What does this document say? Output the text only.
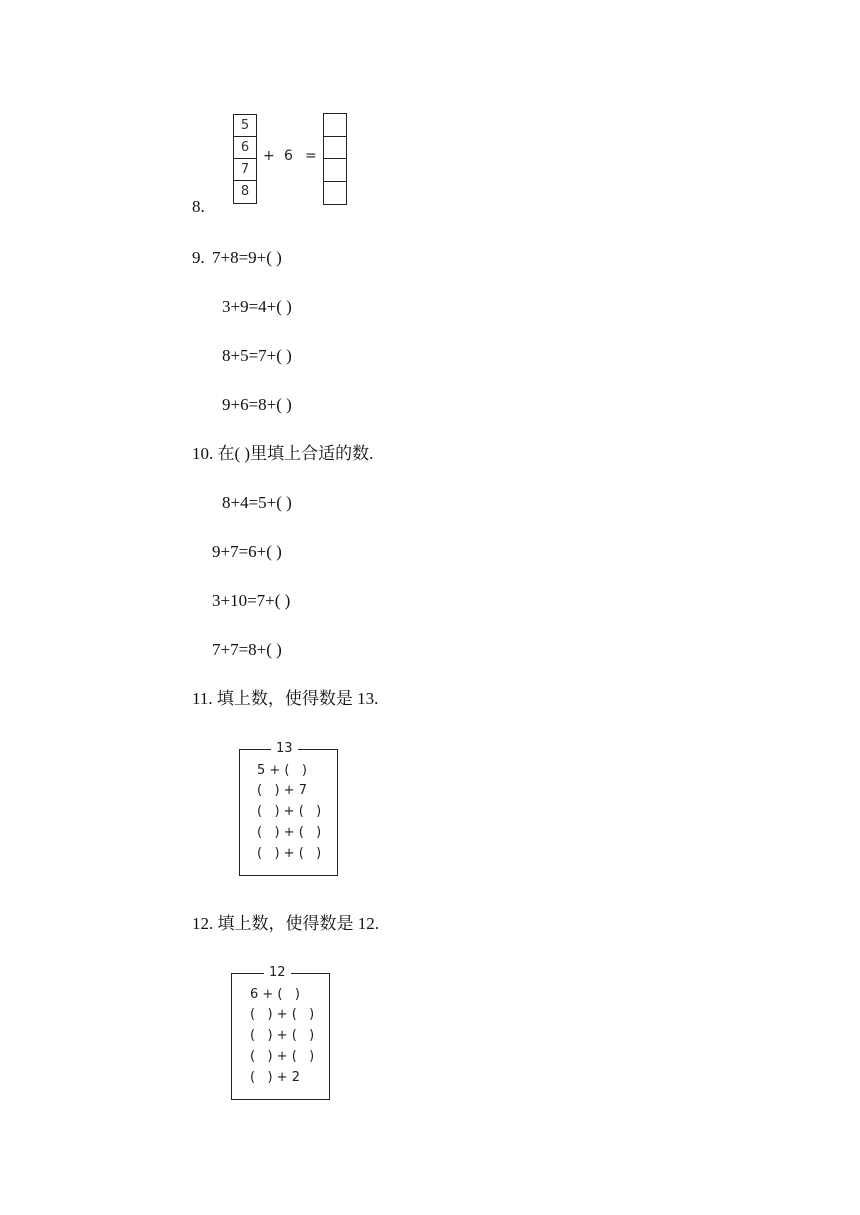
8.
5
6
7
8
+ 6 =
9. 7+8=9+( )
3+9=4+( )
8+5=7+( )
9+6=8+( )
10. 在( )里填上合适的数.
8+4=5+( )
9+7=6+( )
3+10=7+( )
7+7=8+( )
11. 填上数，使得数是 13.
13
5 + (   )
(   ) + 7
(   ) + (   )
(   ) + (   )
(   ) + (   )
12. 填上数，使得数是 12.
12
6 + (   )
(   ) + (   )
(   ) + (   )
(   ) + (   )
(   ) + 2
